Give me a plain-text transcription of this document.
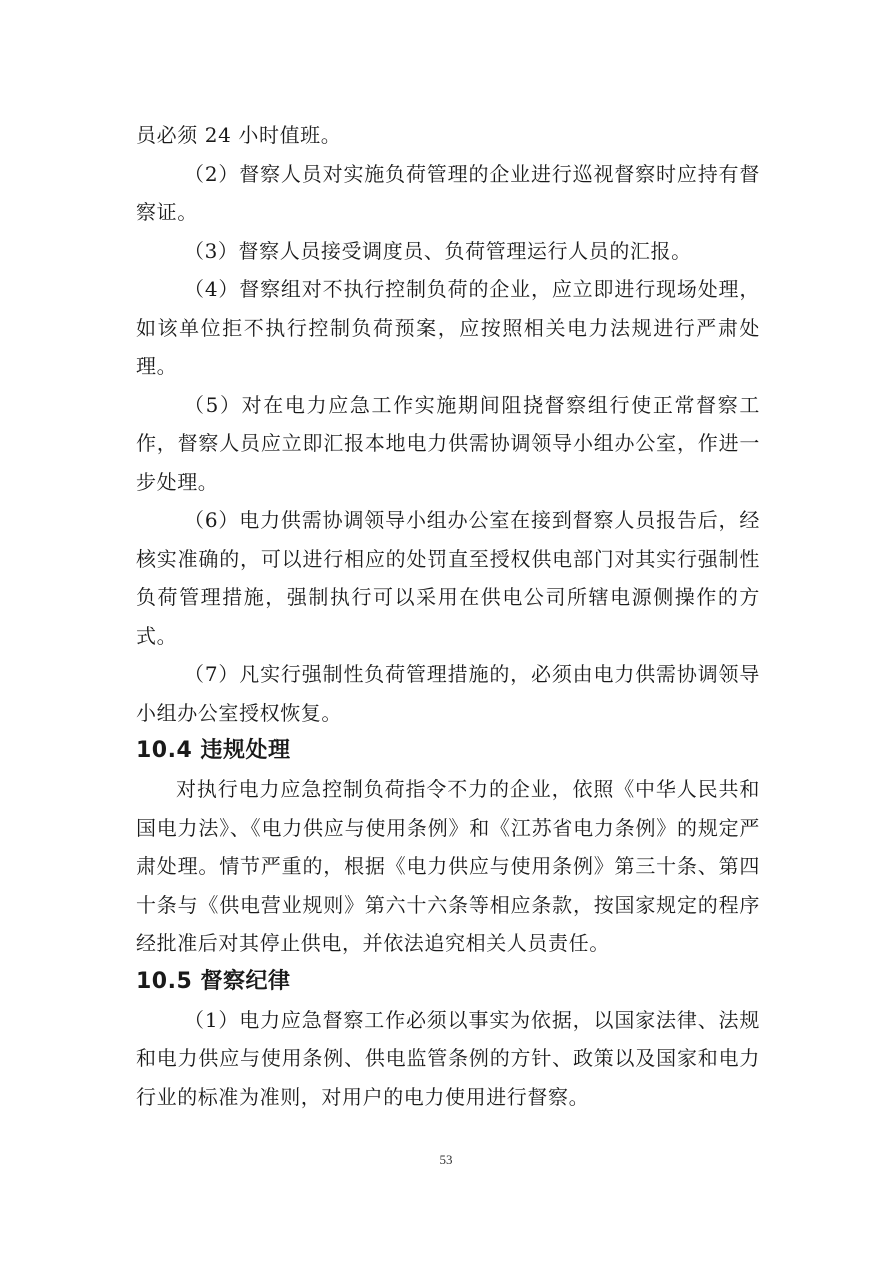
员必须 24 小时值班。

（2）督察人员对实施负荷管理的企业进行巡视督察时应持有督察证。

（3）督察人员接受调度员、负荷管理运行人员的汇报。

（4）督察组对不执行控制负荷的企业，应立即进行现场处理，如该单位拒不执行控制负荷预案，应按照相关电力法规进行严肃处理。

（5）对在电力应急工作实施期间阻挠督察组行使正常督察工作，督察人员应立即汇报本地电力供需协调领导小组办公室，作进一步处理。

（6）电力供需协调领导小组办公室在接到督察人员报告后，经核实准确的，可以进行相应的处罚直至授权供电部门对其实行强制性负荷管理措施，强制执行可以采用在供电公司所辖电源侧操作的方式。

（7）凡实行强制性负荷管理措施的，必须由电力供需协调领导小组办公室授权恢复。

10.4 违规处理

对执行电力应急控制负荷指令不力的企业，依照《中华人民共和国电力法》、《电力供应与使用条例》和《江苏省电力条例》的规定严肃处理。情节严重的，根据《电力供应与使用条例》第三十条、第四十条与《供电营业规则》第六十六条等相应条款，按国家规定的程序经批准后对其停止供电，并依法追究相关人员责任。

10.5 督察纪律

（1）电力应急督察工作必须以事实为依据，以国家法律、法规和电力供应与使用条例、供电监管条例的方针、政策以及国家和电力行业的标准为准则，对用户的电力使用进行督察。

53
